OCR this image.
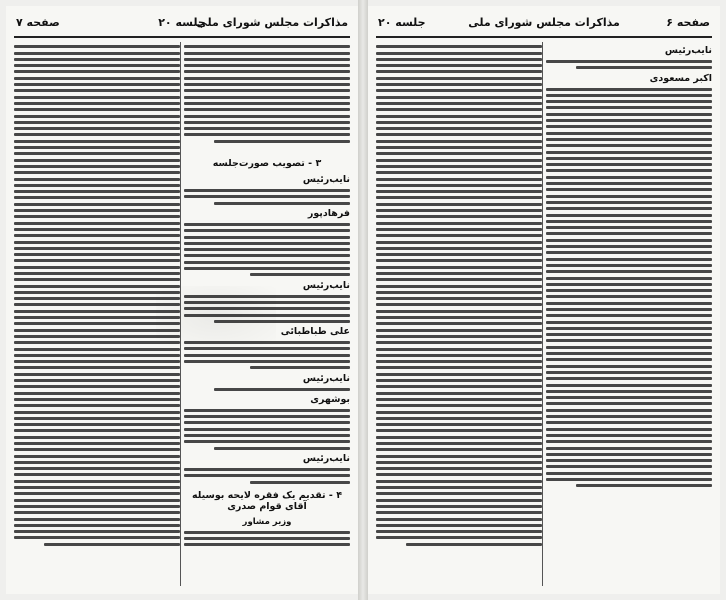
مذاکرات مجلس شورای ملی
جلسه ۲۰
صفحه ۷
۳ - تصویب صورت‌جلسه
نایب‌رئیس
فرهادپور
نایب‌رئیس
علی طباطبائی
نایب‌رئیس
بوشهری
نایب‌رئیس
۴ - تقدیم یک فقره لایحه بوسیله آقای قوام صدری
وزیر مشاور
صفحه ۶
مذاکرات مجلس شورای ملی
جلسه ۲۰
نایب‌رئیس
اکبر مسعودی
